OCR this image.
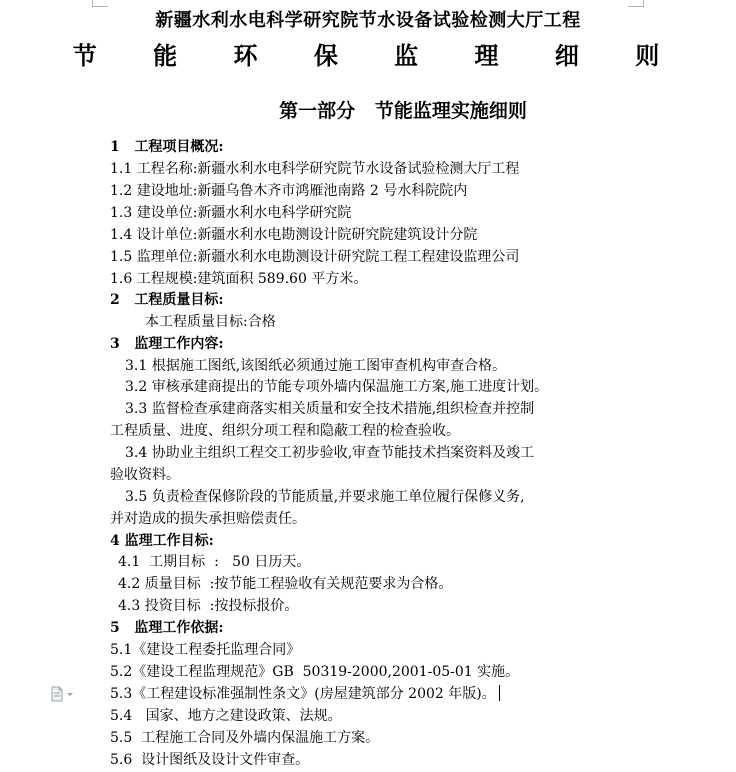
新疆水利水电科学研究院节水设备试验检测大厅工程
节 能 环 保 监 理 细 则
第一部分   节能监理实施细则
1   工程项目概况:
1.1 工程名称:新疆水利水电科学研究院节水设备试验检测大厅工程
1.2 建设地址:新疆乌鲁木齐市鸿雁池南路 2 号水科院院内
1.3 建设单位:新疆水利水电科学研究院
1.4 设计单位:新疆水利水电勘测设计院研究院建筑设计分院
1.5 监理单位:新疆水利水电勘测设计研究院工程工程建设监理公司
1.6 工程规模:建筑面积 589.60 平方米。
2   工程质量目标:
本工程质量目标:合格
3   监理工作内容:
3.1 根据施工图纸,该图纸必须通过施工图审查机构审查合格。
3.2 审核承建商提出的节能专项外墙内保温施工方案,施工进度计划。
3.3 监督检查承建商落实相关质量和安全技术措施,组织检查并控制
工程质量、进度、组织分项工程和隐蔽工程的检查验收。
3.4 协助业主组织工程交工初步验收,审查节能技术挡案资料及竣工
验收资料。
3.5 负责检查保修阶段的节能质量,并要求施工单位履行保修义务,
并对造成的损失承担赔偿责任。
4 监理工作目标:
4.1  工期目标  :   50 日历天。
4.2 质量目标  :按节能工程验收有关规范要求为合格。
4.3 投资目标  :按投标报价。
5   监理工作依据:
5.1《建设工程委托监理合同》
5.2《建设工程监理规范》GB  50319-2000,2001-05-01 实施。
5.3《工程建设标准强制性条文》(房屋建筑部分 2002 年版)。
5.4   国家、地方之建设政策、法规。
5.5  工程施工合同及外墙内保温施工方案。
5.6  设计图纸及设计文件审查。
